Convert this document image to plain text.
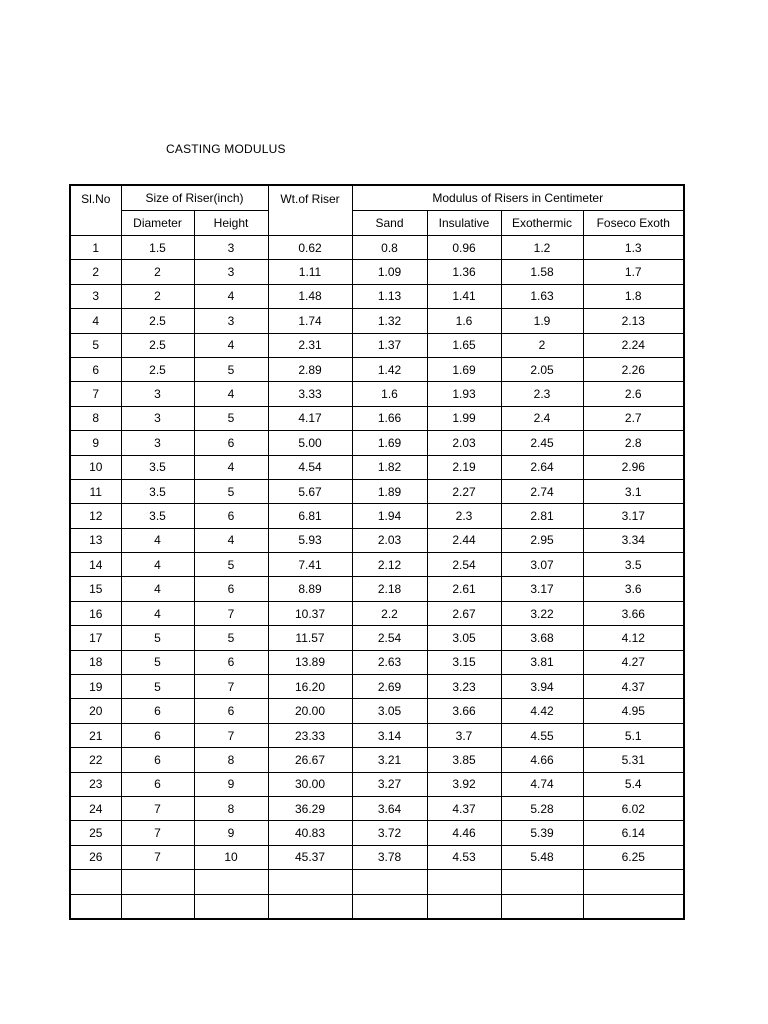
CASTING MODULUS
Sl.No	Size of Riser(inch)		Wt.of Riser	Modulus of Risers in Centimeter			
	Diameter	Height		Sand	Insulative	Exothermic	Foseco Exoth
1	1.5	3	0.62	0.8	0.96	1.2	1.3
2	2	3	1.11	1.09	1.36	1.58	1.7
3	2	4	1.48	1.13	1.41	1.63	1.8
4	2.5	3	1.74	1.32	1.6	1.9	2.13
5	2.5	4	2.31	1.37	1.65	2	2.24
6	2.5	5	2.89	1.42	1.69	2.05	2.26
7	3	4	3.33	1.6	1.93	2.3	2.6
8	3	5	4.17	1.66	1.99	2.4	2.7
9	3	6	5.00	1.69	2.03	2.45	2.8
10	3.5	4	4.54	1.82	2.19	2.64	2.96
11	3.5	5	5.67	1.89	2.27	2.74	3.1
12	3.5	6	6.81	1.94	2.3	2.81	3.17
13	4	4	5.93	2.03	2.44	2.95	3.34
14	4	5	7.41	2.12	2.54	3.07	3.5
15	4	6	8.89	2.18	2.61	3.17	3.6
16	4	7	10.37	2.2	2.67	3.22	3.66
17	5	5	11.57	2.54	3.05	3.68	4.12
18	5	6	13.89	2.63	3.15	3.81	4.27
19	5	7	16.20	2.69	3.23	3.94	4.37
20	6	6	20.00	3.05	3.66	4.42	4.95
21	6	7	23.33	3.14	3.7	4.55	5.1
22	6	8	26.67	3.21	3.85	4.66	5.31
23	6	9	30.00	3.27	3.92	4.74	5.4
24	7	8	36.29	3.64	4.37	5.28	6.02
25	7	9	40.83	3.72	4.46	5.39	6.14
26	7	10	45.37	3.78	4.53	5.48	6.25
